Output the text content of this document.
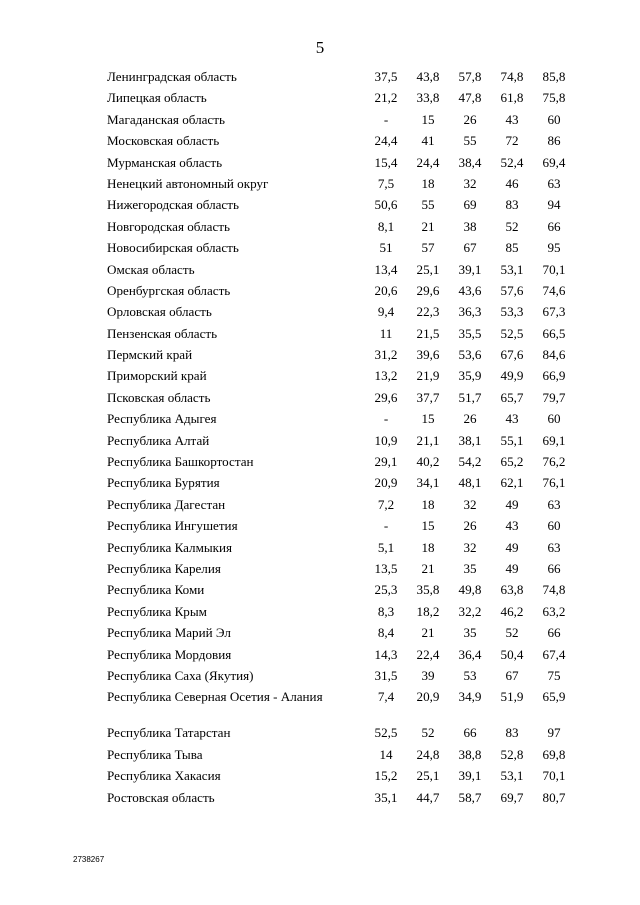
5
Ленинградская область	37,5	43,8	57,8	74,8	85,8
Липецкая область	21,2	33,8	47,8	61,8	75,8
Магаданская область	-	15	26	43	60
Московская область	24,4	41	55	72	86
Мурманская область	15,4	24,4	38,4	52,4	69,4
Ненецкий автономный округ	7,5	18	32	46	63
Нижегородская область	50,6	55	69	83	94
Новгородская область	8,1	21	38	52	66
Новосибирская область	51	57	67	85	95
Омская область	13,4	25,1	39,1	53,1	70,1
Оренбургская область	20,6	29,6	43,6	57,6	74,6
Орловская область	9,4	22,3	36,3	53,3	67,3
Пензенская область	11	21,5	35,5	52,5	66,5
Пермский край	31,2	39,6	53,6	67,6	84,6
Приморский край	13,2	21,9	35,9	49,9	66,9
Псковская область	29,6	37,7	51,7	65,7	79,7
Республика Адыгея	-	15	26	43	60
Республика Алтай	10,9	21,1	38,1	55,1	69,1
Республика Башкортостан	29,1	40,2	54,2	65,2	76,2
Республика Бурятия	20,9	34,1	48,1	62,1	76,1
Республика Дагестан	7,2	18	32	49	63
Республика Ингушетия	-	15	26	43	60
Республика Калмыкия	5,1	18	32	49	63
Республика Карелия	13,5	21	35	49	66
Республика Коми	25,3	35,8	49,8	63,8	74,8
Республика Крым	8,3	18,2	32,2	46,2	63,2
Республика Марий Эл	8,4	21	35	52	66
Республика Мордовия	14,3	22,4	36,4	50,4	67,4
Республика Саха (Якутия)	31,5	39	53	67	75
Республика Северная Осетия - Алания	7,4	20,9	34,9	51,9	65,9
Республика Татарстан	52,5	52	66	83	97
Республика Тыва	14	24,8	38,8	52,8	69,8
Республика Хакасия	15,2	25,1	39,1	53,1	70,1
Ростовская область	35,1	44,7	58,7	69,7	80,7
2738267
